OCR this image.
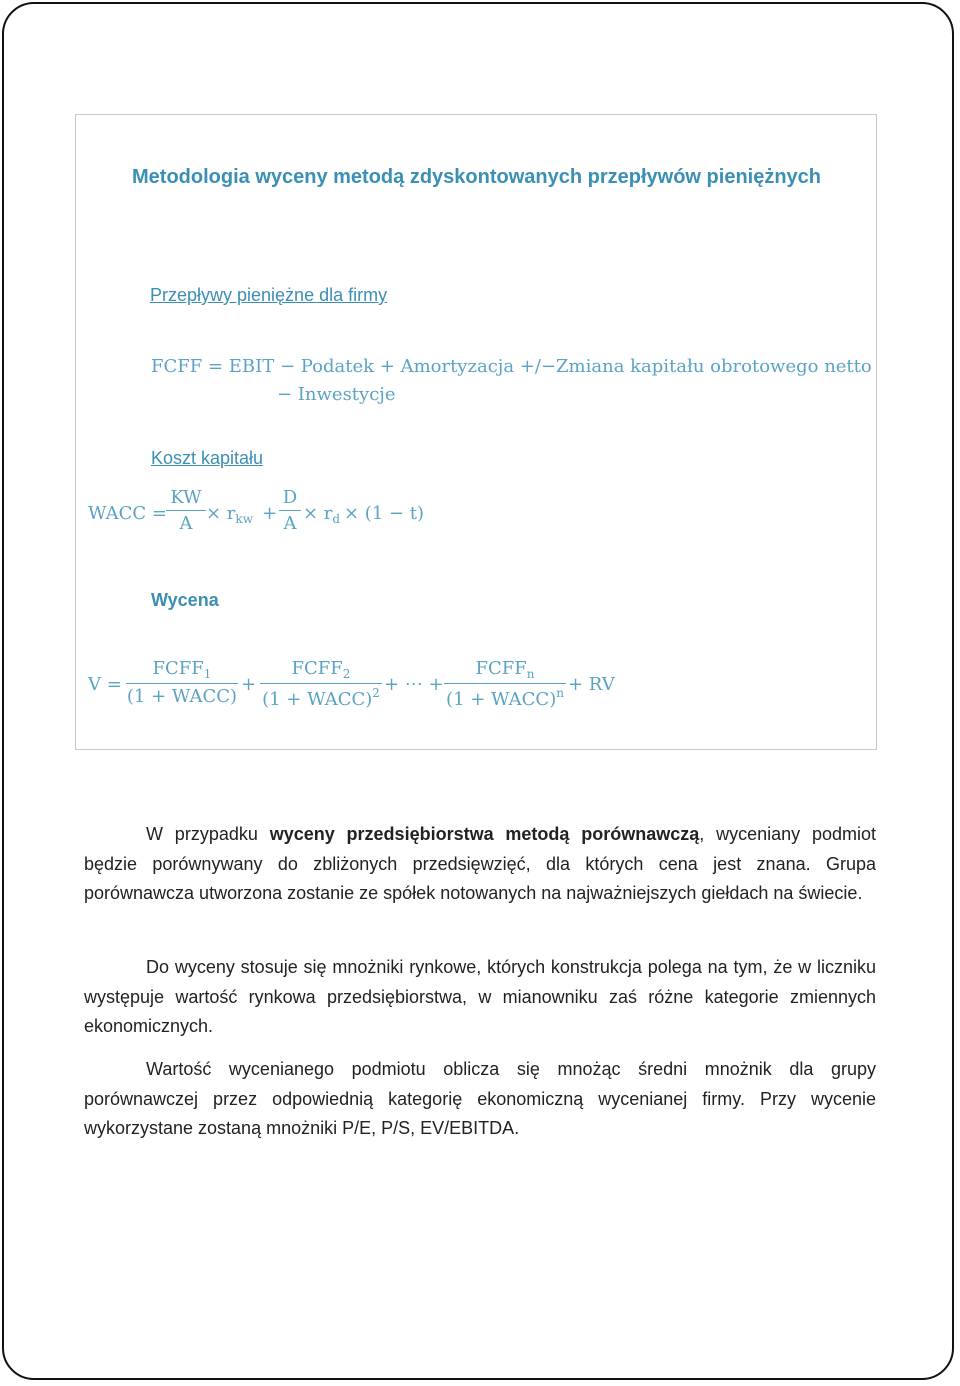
Metodologia wyceny metodą zdyskontowanych przepływów pieniężnych
Przepływy pieniężne dla firmy
FCFF = EBIT − Podatek + Amortyzacja +/−Zmiana kapitału obrotowego netto
− Inwestycje
Koszt kapitału
WACC =
KW
$A \times r_{kw}$ +
D
$A \times r_d \times (1 - t)$
Wycena
V =
$FCFF_1$
(1 + WACC)
+
$FCFF_2$
(1 + WACC)$^2$ + ⋯ +
$FCFF_n$
(1 + WACC)$^n$ + RV
W przypadku wyceny przedsiębiorstwa metodą porównawczą, wyceniany podmiot będzie porównywany do zbliżonych przedsięwzięć, dla których cena jest znana. Grupa porównawcza utworzona zostanie ze spółek notowanych na najważniejszych giełdach na świecie.
Do wyceny stosuje się mnożniki rynkowe, których konstrukcja polega na tym, że w liczniku występuje wartość rynkowa przedsiębiorstwa, w mianowniku zaś różne kategorie zmiennych ekonomicznych.
Wartość wycenianego podmiotu oblicza się mnożąc średni mnożnik dla grupy porównawczej przez odpowiednią kategorię ekonomiczną wycenianej firmy. Przy wycenie wykorzystane zostaną mnożniki P/E, P/S, EV/EBITDA.
